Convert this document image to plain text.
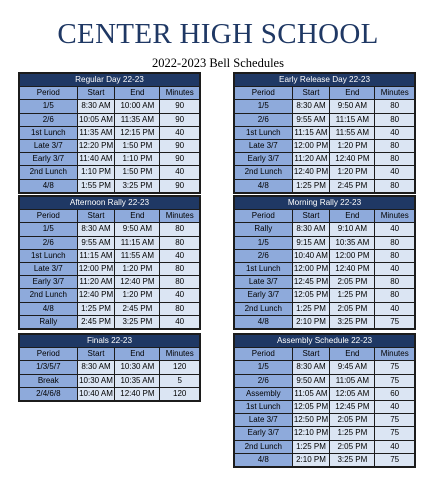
CENTER HIGH SCHOOL
2022-2023 Bell Schedules
Regular Day 22-23			
Period	Start	End	Minutes
1/5	8:30 AM	10:00 AM	90
2/6	10:05 AM	11:35 AM	90
1st Lunch	11:35 AM	12:15 PM	40
Late 3/7	12:20 PM	1:50 PM	90
Early 3/7	11:40 AM	1:10 PM	90
2nd Lunch	1:10 PM	1:50 PM	40
4/8	1:55 PM	3:25 PM	90
Early Release Day 22-23			
Period	Start	End	Minutes
1/5	8:30 AM	9:50 AM	80
2/6	9:55 AM	11:15 AM	80
1st Lunch	11:15 AM	11:55 AM	40
Late 3/7	12:00 PM	1:20 PM	80
Early 3/7	11:20 AM	12:40 PM	80
2nd Lunch	12:40 PM	1:20 PM	40
4/8	1:25 PM	2:45 PM	80
Afternoon Rally 22-23			
Period	Start	End	Minutes
1/5	8:30 AM	9:50 AM	80
2/6	9:55 AM	11:15 AM	80
1st Lunch	11:15 AM	11:55 AM	40
Late 3/7	12:00 PM	1:20 PM	80
Early 3/7	11:20 AM	12:40 PM	80
2nd Lunch	12:40 PM	1:20 PM	40
4/8	1:25 PM	2:45 PM	80
Rally	2:45 PM	3:25 PM	40
Morning Rally 22-23			
Period	Start	End	Minutes
Rally	8:30 AM	9:10 AM	40
1/5	9:15 AM	10:35 AM	80
2/6	10:40 AM	12:00 PM	80
1st Lunch	12:00 PM	12:40 PM	40
Late 3/7	12:45 PM	2:05 PM	80
Early 3/7	12:05 PM	1:25 PM	80
2nd Lunch	1:25 PM	2:05 PM	40
4/8	2:10 PM	3:25 PM	75
Finals 22-23			
Period	Start	End	Minutes
1/3/5/7	8:30 AM	10:30 AM	120
Break	10:30 AM	10:35 AM	5
2/4/6/8	10:40 AM	12:40 PM	120
Assembly Schedule 22-23			
Period	Start	End	Minutes
1/5	8:30 AM	9:45 AM	75
2/6	9:50 AM	11:05 AM	75
Assembly	11:05 AM	12:05 AM	60
1st Lunch	12:05 PM	12:45 PM	40
Late 3/7	12:50 PM	2:05 PM	75
Early 3/7	12:10 PM	1:25 PM	75
2nd Lunch	1:25 PM	2:05 PM	40
4/8	2:10 PM	3:25 PM	75
